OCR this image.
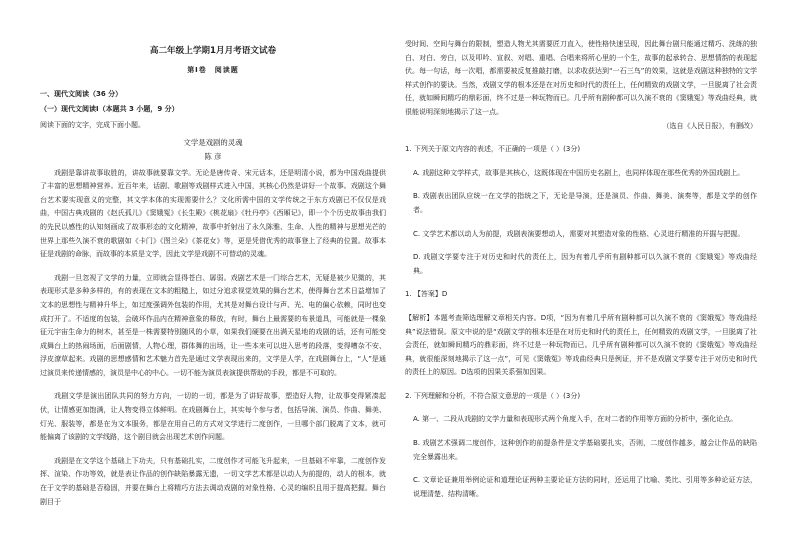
高二年级上学期1月月考语文试卷
第Ⅰ卷　阅读题
一、现代文阅读（36 分）
（一）现代文阅读Ⅰ（本题共 3 小题，9 分）

阅读下面的文字，完成下面小题。

文学是戏剧的灵魂
陈 彦

戏剧是靠讲故事取胜的，讲故事就要靠文学。无论是唐传奇、宋元话本，还是明清小说，都为中国戏曲提供了丰富的思想精神营养。近百年来，话剧、歌剧等戏剧样式进入中国，其核心仍然是讲好一个故事。戏剧这个舞台艺术要实现意义的完整，其文学本体的实现需要什么？文化所需中国的文学传统之于东方戏剧已不仅仅是戏曲，中国古典戏剧的《赵氏孤儿》《窦娥冤》《长生殿》《桃花扇》《牡丹亭》《西厢记》，即一个个历史故事由我们的先民以感性的认知刻画成了故事形态的文化精神，故事中折射出了永久陈雅、生命、人性的精神与思想光芒的世界上那些久演不衰的歌剧如《卡门》《图兰朵》《茶花女》等，更是凭借优秀的故事登上了经典的位置。故事本征是戏剧的命脉，而故事的本质是文学，因此文学是戏剧不可替动的灵魂。

戏剧一旦忽视了文学的力量，立即就会显得苍白、孱弱。戏剧艺术是一门综合艺术，无疑是被少见微的，其表现形式是多种多样的，有的表现在文本的粗糙上，如过分追求视觉效果的舞台艺术，使得舞台艺术日益增加了文本的思想性与精神升华上，如过度强调外包装的作用，尤其是对舞台设计与声、光、电的偏心依赖，同时也变成打开了。不适度的包装，会破坏作品内在精神意象的释放，有时，舞台上最需要的布景道具，可能就是一棵象征元宇宙生命力的树木，甚至是一株需要特别随风的小草，如果我们硬要在出满天星地的戏剧的话，还有可能变成舞台上的热闹场面，后面剧情，人物心理，群体舞的出场，让一些本来可以进入思考的段落，变得嘈杂不安、浮皮潦草起来。戏剧的思想感情和艺术魅力首先是通过文学表现出来的，文学是人学，在戏剧舞台上，“人”是通过演员来传递情感的，演员是中心的中心。一切不能为演员表演提供帮助的手段，都是不可取的。

戏剧文学是演出团队共同的努力方向，一切的一切，都是为了讲好故事，塑造好人物，让故事变得紧凑起伏，让情感更加饱满，让人物变得立体鲜明。在戏剧舞台上，其实每个参与者，包括导演、演员、作曲、舞美、灯光、服装等，都是在为文本服务，都是在用自己的方式对文学进行二度创作，一旦哪个部门脱离了文本，就可能偏离了该剧的文学线路，这个剧目就会出现艺术创作问题。

戏剧是在文学这个基础上下功夫，只有基础扎实，二度创作才可能飞升起来，一旦基础不牢靠，二度创作发挥、渲染、作功等效，就是表让作品的创作缺陷暴露无遗，一切文学艺术都是以动人为前提的，动人的根本，就在于文学的基础是否稳固，并要在舞台上将精巧方法去调动戏剧的对象性格、心灵的编织且用于提高把握。舞台剧目于

受时间、空间与舞台的限制，塑造人物尤其需要匠刀直入，使性格快速呈现，因此舞台剧只能通过精巧、洗练的独白、对白、旁白，以及叩吟、宣叙、对唱、重唱、合唱来将所心里的一个生，故事的起承转合、思想情韵的表现起伏。每一句话，每一次唱，都需要被反复推敲打磨，以求收获达到“一石三鸟”的效果，这就是戏剧这种独特的文学样式创作的要诀。当然，戏剧文学的根本还是在对历史和时代的责任上，任何精致的戏剧文学，一旦脱离了社会责任，就如瞬间精巧的鼎彩面，终不过是一种玩物而已。几乎所有剧种都可以久演不衰的《窦娥冤》等戏曲经典，就很能说明深刻地揭示了这一点。

（选自《人民日报》，有删改）

1. 下列关于原文内容的表述，不正确的一项是（ ）(3分)

A. 戏剧这种文学样式，故事是其核心，这既体现在中国历史名剧上，也同样体现在那些优秀的外国戏剧上。

B. 戏剧表出团队应统一在文学的指统之下，无论是导演，还是演员、作曲、舞美、演奏等，都是文学的创作者。

C. 文学艺术都以动人为前提，戏剧表演要想动人，需要对其塑造对象的性格、心灵进行精准的开掘与把握。

D. 戏剧文学要专注于对历史和时代的责任上，因为有着几乎所有剧种都可以久演不衰的《窦娥冤》等戏曲经典。

1. 【答案】D

【解析】本题考查筛选理解文章相关内容。D项，“因为有着几乎所有剧种都可以久演不衰的《窦娥冤》等戏曲经典”说法错误。原文中说的是“戏剧文学的根本还是在对历史和时代的责任上，任何精致的戏剧文学，一旦脱离了社会责任，就如瞬间精巧的鼎彩面，终不过是一种玩物而已。几乎所有剧种都可以久演不衰的《窦娥冤》等戏曲经典，就很能深刻地揭示了这一点”，可见《窦娥冤》等戏曲经典只是例证，并不是戏剧文学要专注于对历史和时代的责任上的原因。D选项的因果关系强加因果。

2. 下列理解和分析，不符合原文意思的一项是（ ）(3分)

A. 第一、二段从戏剧的文学力量和表现形式两个角度入手，在对二者的作用等方面的分析中，强化论点。

B. 戏剧艺术强调二度创作，这种创作的前提条件是文学基础要扎实，否则，二度创作越多，越会让作品的缺陷完全暴露出来。

C. 文章论证兼用举例论证和道理论证两种主要论证方法的同时，还运用了比喻、类比、引用等多种论证方法，说理清楚、结构清晰。
